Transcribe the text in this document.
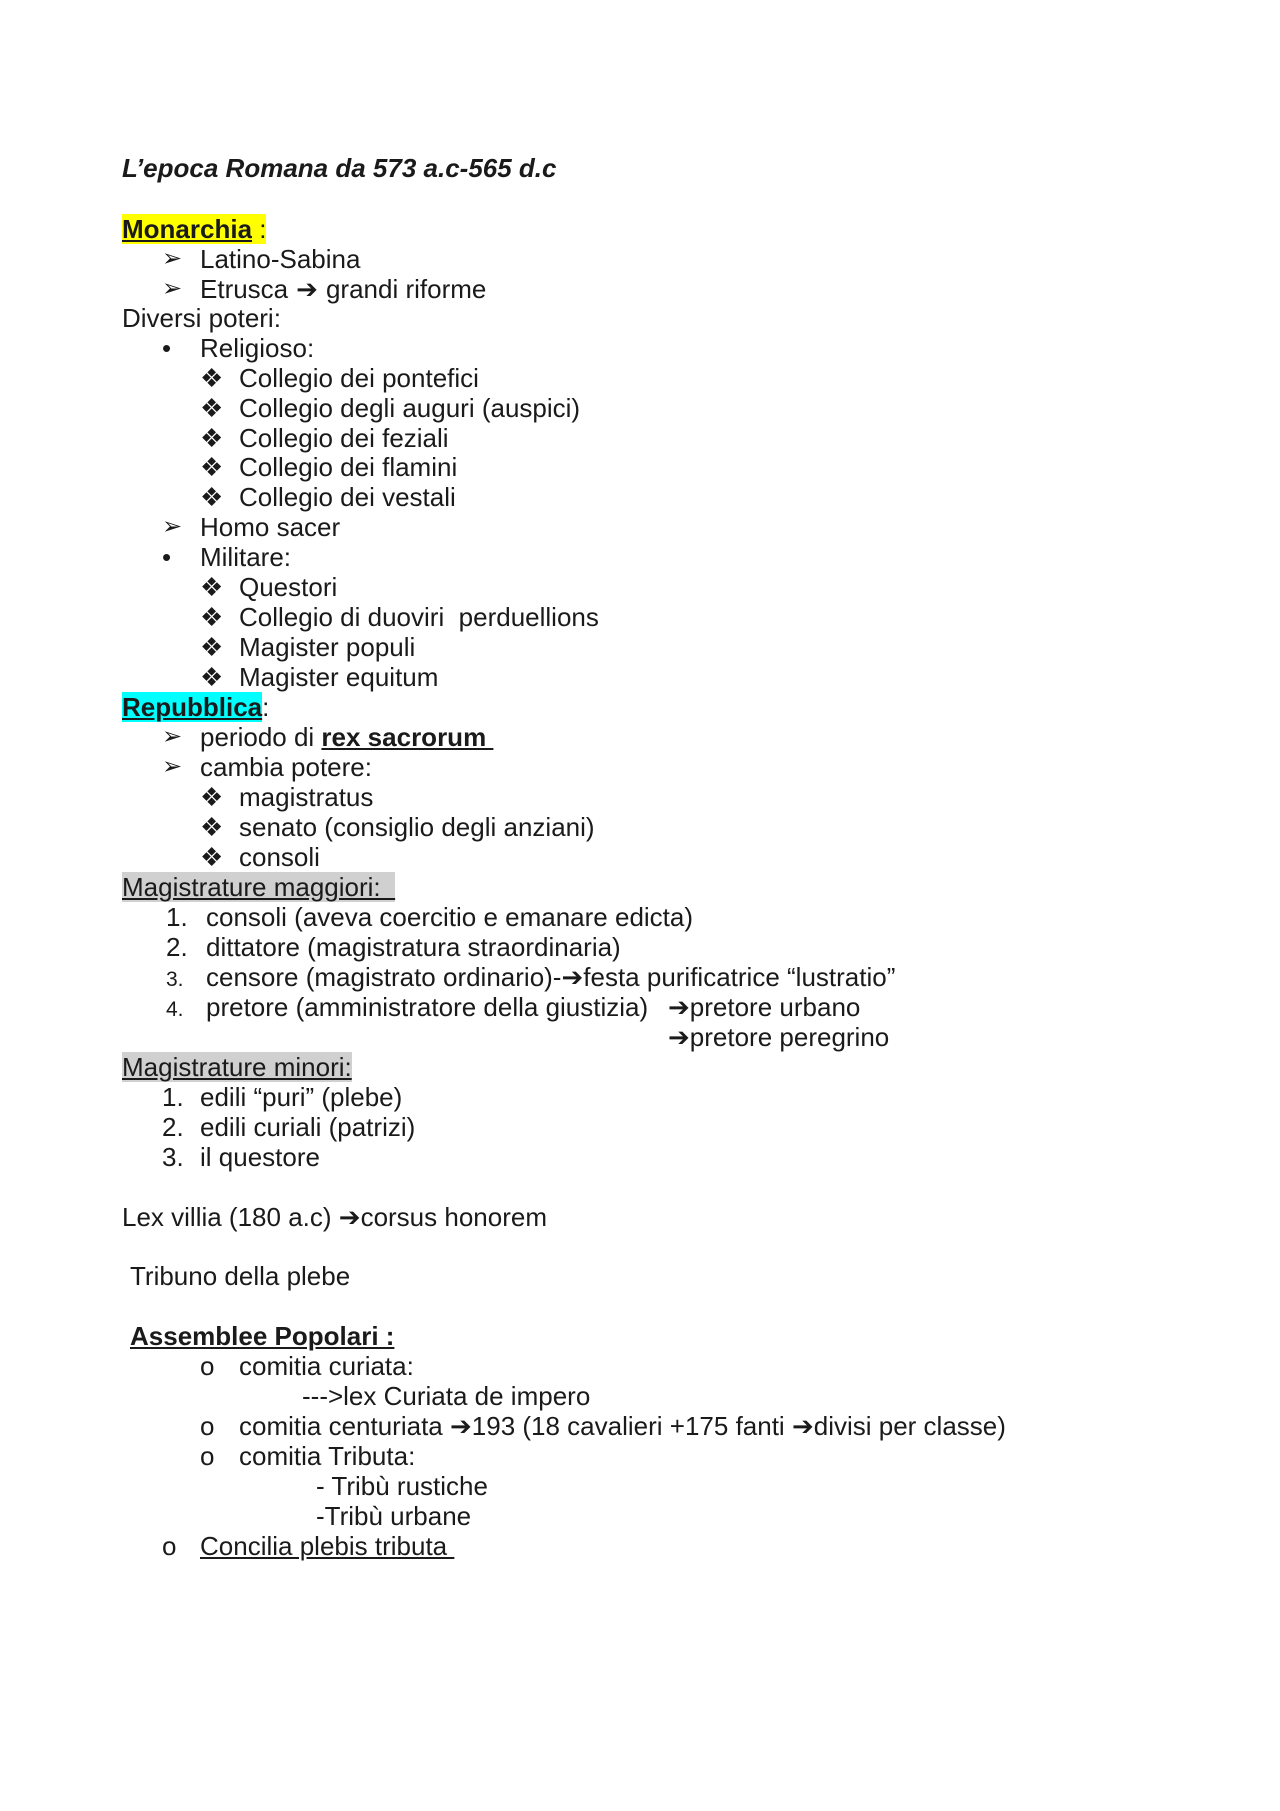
L’epoca Romana da 573 a.c-565 d.c
Monarchia :
➢ Latino-Sabina
➢ Etrusca ➔ grandi riforme
Diversi poteri:
• Religioso:
❖ Collegio dei pontefici
❖ Collegio degli auguri (auspici)
❖ Collegio dei feziali
❖ Collegio dei flamini
❖ Collegio dei vestali
➢ Homo sacer
• Militare:
❖ Questori
❖ Collegio di duoviri  perduellions
❖ Magister populi
❖ Magister equitum
Repubblica:
➢ periodo di rex sacrorum
➢ cambia potere:
❖ magistratus
❖ senato (consiglio degli anziani)
❖ consoli
Magistrature maggiori:
1. consoli (aveva coercitio e emanare edicta)
2. dittatore (magistratura straordinaria)
3. censore (magistrato ordinario)-➔festa purificatrice “lustratio”
4. pretore (amministratore della giustizia) ➔pretore urbano
➔pretore peregrino
Magistrature minori:
1. edili “puri” (plebe)
2. edili curiali (patrizi)
3. il questore
Lex villia (180 a.c) ➔corsus honorem
Tribuno della plebe
Assemblee Popolari :
o comitia curiata:
--->lex Curiata de impero
o comitia centuriata ➔193 (18 cavalieri +175 fanti ➔divisi per classe)
o comitia Tributa:
- Tribù rustiche
-Tribù urbane
o Concilia plebis tributa
